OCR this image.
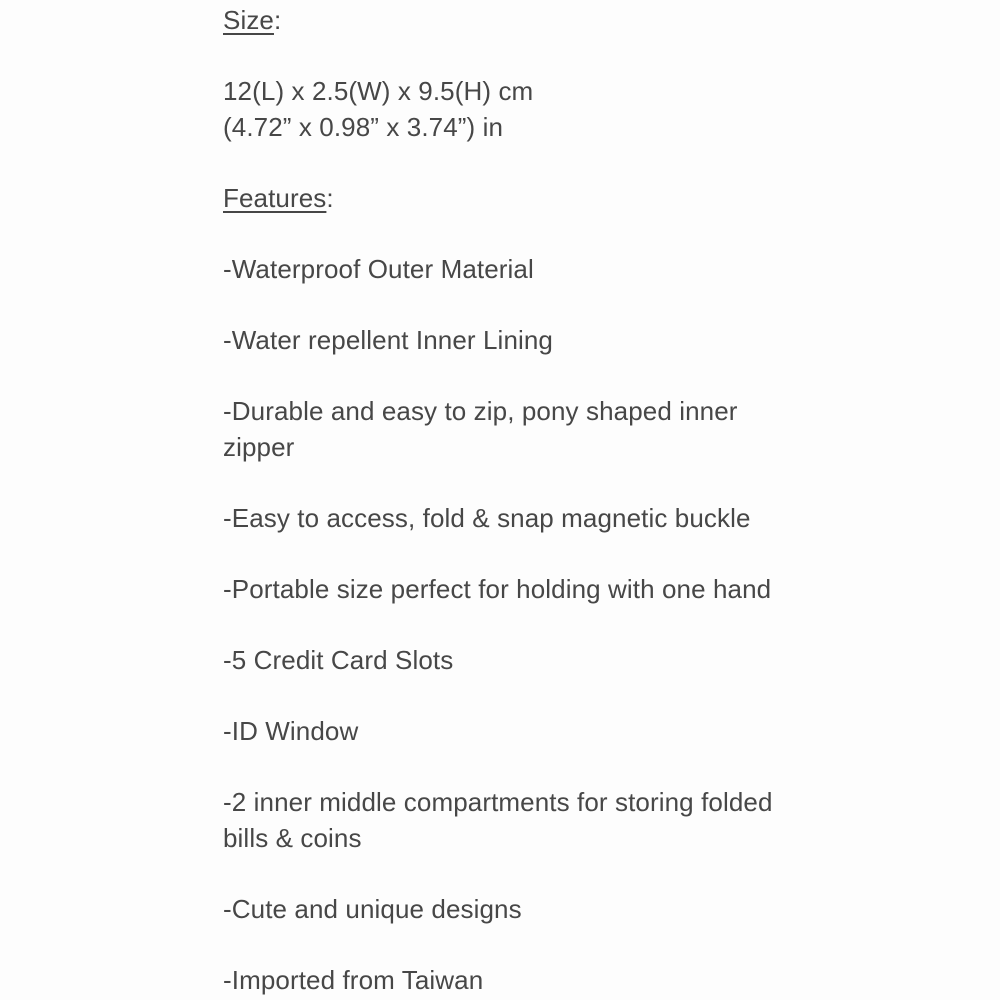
Size:

12(L) x 2.5(W) x 9.5(H) cm
(4.72” x 0.98” x 3.74”) in

Features:

-Waterproof Outer Material

-Water repellent Inner Lining

-Durable and easy to zip, pony shaped inner zipper

-Easy to access, fold & snap magnetic buckle

-Portable size perfect for holding with one hand

-5 Credit Card Slots

-ID Window

-2 inner middle compartments for storing folded bills & coins

-Cute and unique designs

-Imported from Taiwan
